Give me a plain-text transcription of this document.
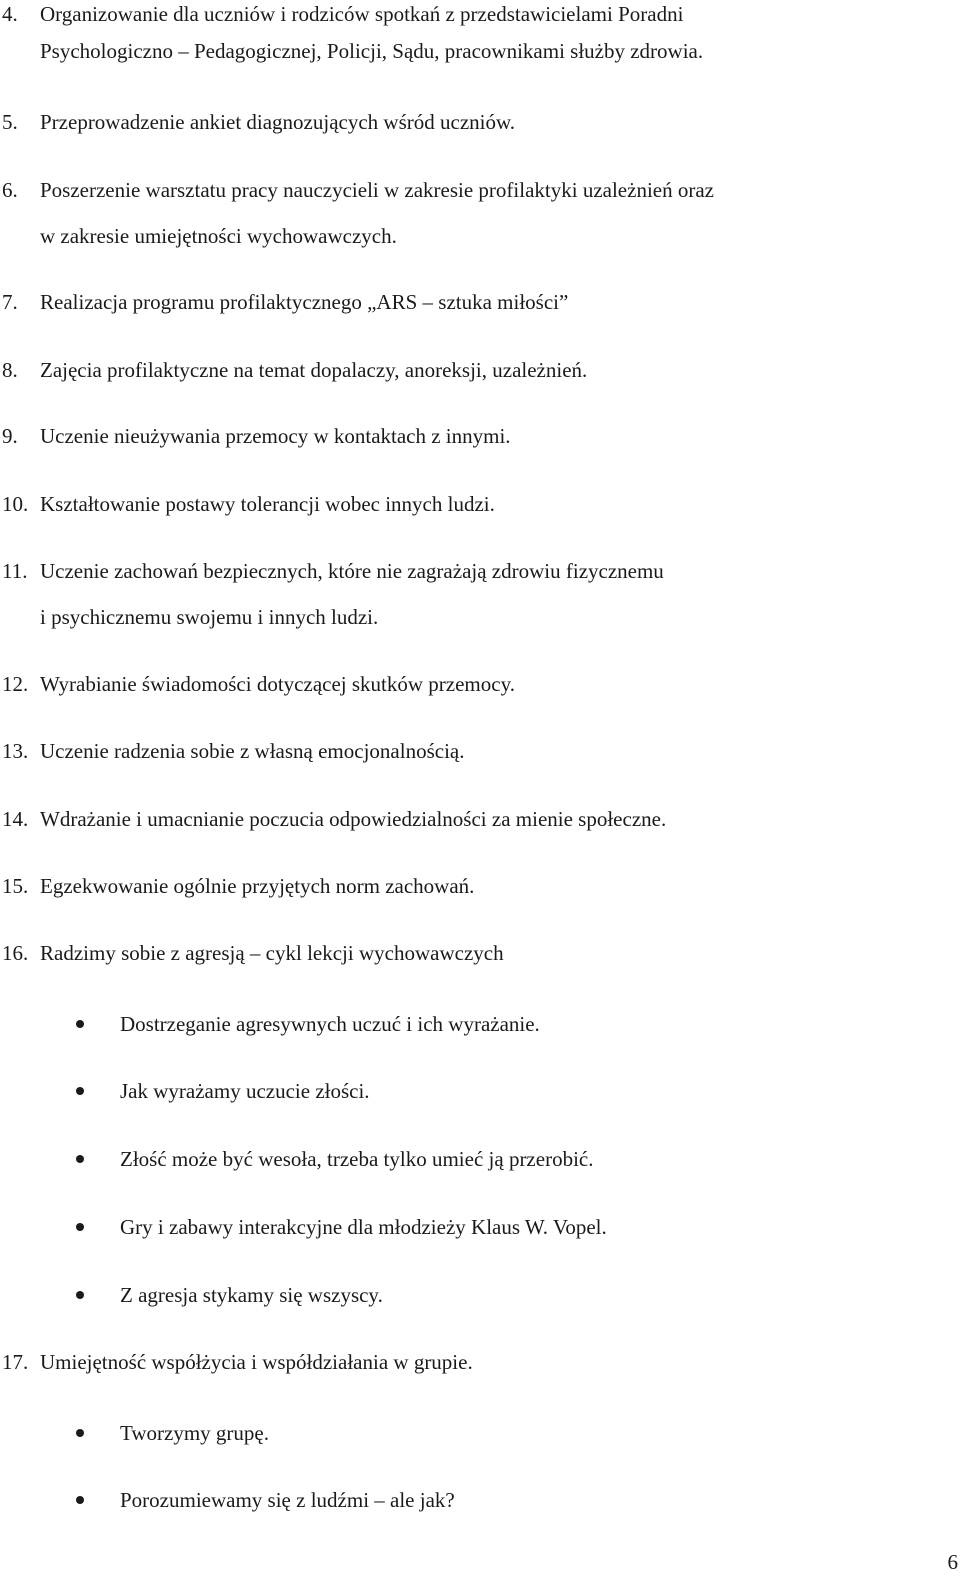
4. Organizowanie dla uczniów i rodziców spotkań z przedstawicielami Poradni
Psychologiczno – Pedagogicznej, Policji, Sądu, pracownikami służby zdrowia.
5. Przeprowadzenie ankiet diagnozujących wśród uczniów.
6. Poszerzenie warsztatu pracy nauczycieli w zakresie profilaktyki uzależnień oraz
w zakresie umiejętności wychowawczych.
7. Realizacja programu profilaktycznego „ARS – sztuka miłości”
8. Zajęcia profilaktyczne na temat dopalaczy, anoreksji, uzależnień.
9. Uczenie nieużywania przemocy w kontaktach z innymi.
10. Kształtowanie postawy tolerancji wobec innych ludzi.
11. Uczenie zachowań bezpiecznych, które nie zagrażają zdrowiu fizycznemu
i psychicznemu swojemu i innych ludzi.
12. Wyrabianie świadomości dotyczącej skutków przemocy.
13. Uczenie radzenia sobie z własną emocjonalnością.
14. Wdrażanie i umacnianie poczucia odpowiedzialności za mienie społeczne.
15. Egzekwowanie ogólnie przyjętych norm zachowań.
16. Radzimy sobie z agresją – cykl lekcji wychowawczych
Dostrzeganie agresywnych uczuć i ich wyrażanie.
Jak wyrażamy uczucie złości.
Złość może być wesoła, trzeba tylko umieć ją przerobić.
Gry i zabawy interakcyjne dla młodzieży Klaus W. Vopel.
Z agresja stykamy się wszyscy.
17. Umiejętność współżycia i współdziałania w grupie.
Tworzymy grupę.
Porozumiewamy się z ludźmi – ale jak?
6
